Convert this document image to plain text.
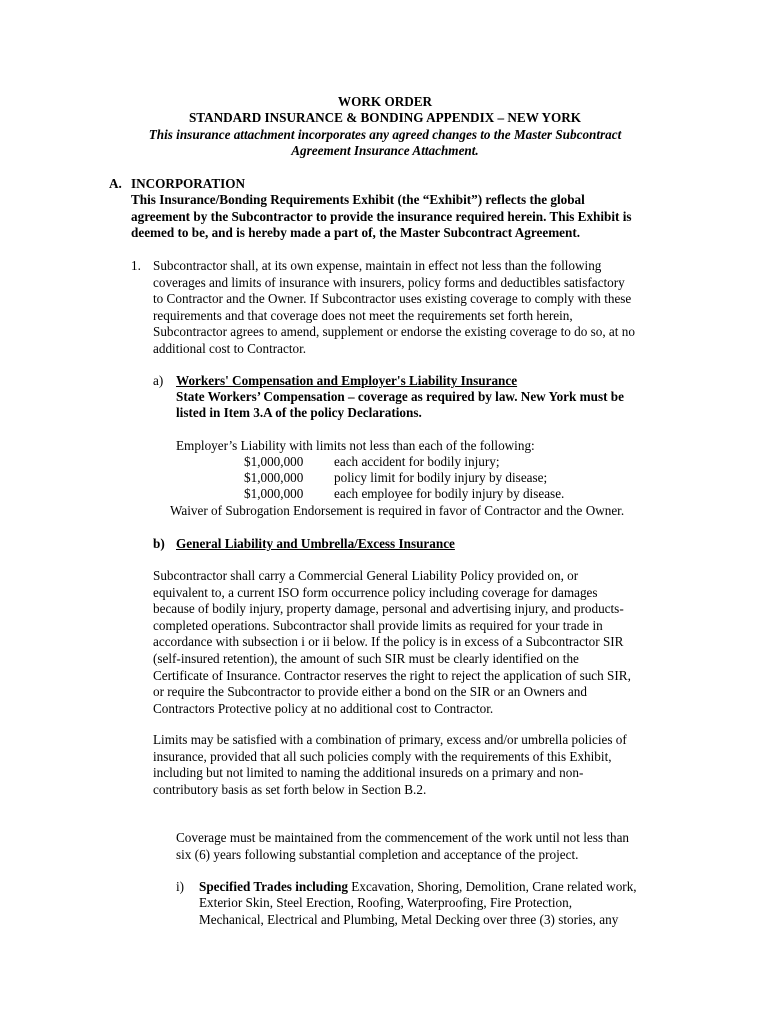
WORK ORDER
STANDARD INSURANCE & BONDING APPENDIX – NEW YORK
This insurance attachment incorporates any agreed changes to the Master Subcontract
Agreement Insurance Attachment.
A. INCORPORATION
This Insurance/Bonding Requirements Exhibit (the “Exhibit”) reflects the global
agreement by the Subcontractor to provide the insurance required herein. This Exhibit is
deemed to be, and is hereby made a part of, the Master Subcontract Agreement.
1. Subcontractor shall, at its own expense, maintain in effect not less than the following
coverages and limits of insurance with insurers, policy forms and deductibles satisfactory
to Contractor and the Owner. If Subcontractor uses existing coverage to comply with these
requirements and that coverage does not meet the requirements set forth herein,
Subcontractor agrees to amend, supplement or endorse the existing coverage to do so, at no
additional cost to Contractor.
a) Workers' Compensation and Employer's Liability Insurance
State Workers’ Compensation – coverage as required by law. New York must be
listed in Item 3.A of the policy Declarations.
Employer’s Liability with limits not less than each of the following:
$1,000,000 each accident for bodily injury;
$1,000,000 policy limit for bodily injury by disease;
$1,000,000 each employee for bodily injury by disease.
Waiver of Subrogation Endorsement is required in favor of Contractor and the Owner.
b) General Liability and Umbrella/Excess Insurance
Subcontractor shall carry a Commercial General Liability Policy provided on, or
equivalent to, a current ISO form occurrence policy including coverage for damages
because of bodily injury, property damage, personal and advertising injury, and products-
completed operations. Subcontractor shall provide limits as required for your trade in
accordance with subsection i or ii below. If the policy is in excess of a Subcontractor SIR
(self-insured retention), the amount of such SIR must be clearly identified on the
Certificate of Insurance. Contractor reserves the right to reject the application of such SIR,
or require the Subcontractor to provide either a bond on the SIR or an Owners and
Contractors Protective policy at no additional cost to Contractor.
Limits may be satisfied with a combination of primary, excess and/or umbrella policies of
insurance, provided that all such policies comply with the requirements of this Exhibit,
including but not limited to naming the additional insureds on a primary and non-
contributory basis as set forth below in Section B.2.
Coverage must be maintained from the commencement of the work until not less than
six (6) years following substantial completion and acceptance of the project.
i) Specified Trades including Excavation, Shoring, Demolition, Crane related work,
Exterior Skin, Steel Erection, Roofing, Waterproofing, Fire Protection,
Mechanical, Electrical and Plumbing, Metal Decking over three (3) stories, any
